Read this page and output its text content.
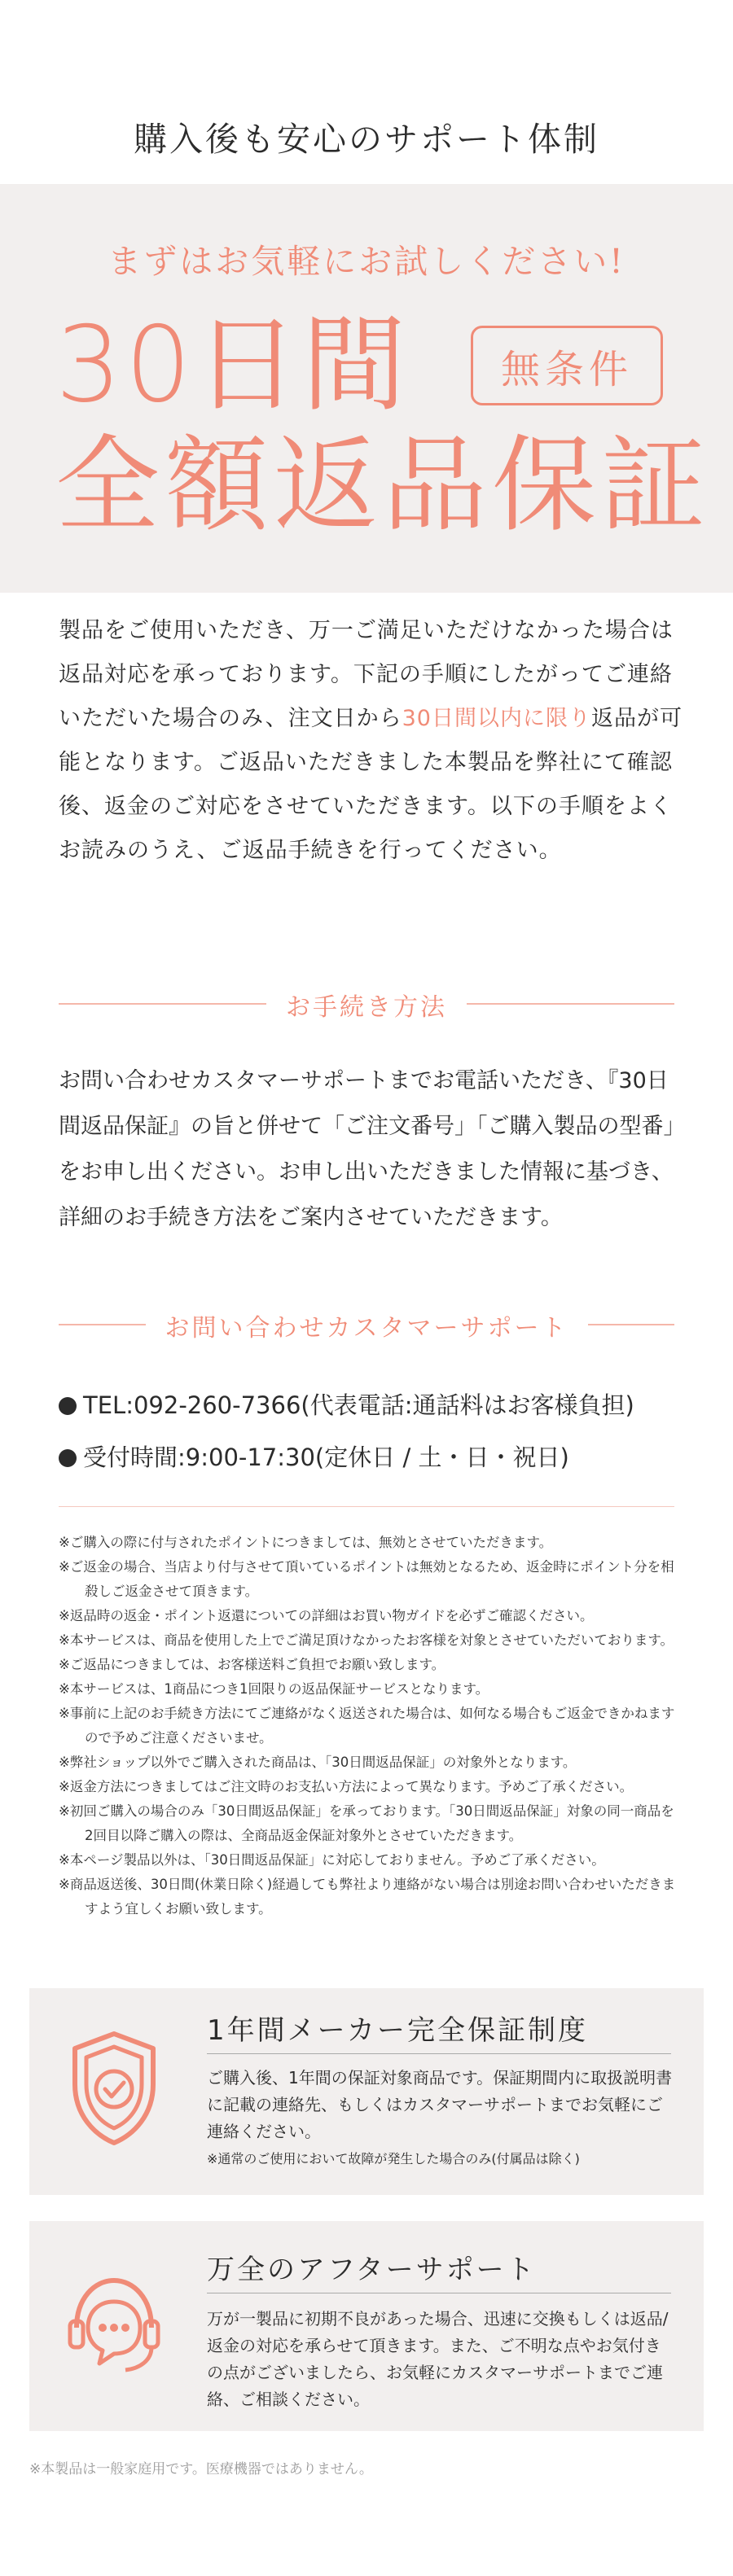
購入後も安心のサポート体制
まずはお気軽にお試しください!
30日間
全額返品保証
無条件
製品をご使用いただき、万一ご満足いただけなかった場合は返品対応を承っております。下記の手順にしたがってご連絡いただいた場合のみ、注文日から30日間以内に限り返品が可能となります。ご返品いただきました本製品を弊社にて確認後、返金のご対応をさせていただきます。以下の手順をよくお読みのうえ、ご返品手続きを行ってください。
お手続き方法
お問い合わせカスタマーサポートまでお電話いただき、『30日間返品保証』の旨と併せて「ご注文番号」「ご購入製品の型番」をお申し出ください。お申し出いただきました情報に基づき、詳細のお手続き方法をご案内させていただきます。
お問い合わせカスタマーサポート
TEL:092-260-7366(代表電話:通話料はお客様負担)
受付時間:9:00-17:30(定休日 / 土・日・祝日)
※ご購入の際に付与されたポイントにつきましては、無効とさせていただきます。
※ご返金の場合、当店より付与させて頂いているポイントは無効となるため、返金時にポイント分を相殺しご返金させて頂きます。
※返品時の返金・ポイント返還についての詳細はお買い物ガイドを必ずご確認ください。
※本サービスは、商品を使用した上でご満足頂けなかったお客様を対象とさせていただいております。
※ご返品につきましては、お客様送料ご負担でお願い致します。
※本サービスは、1商品につき1回限りの返品保証サービスとなります。
※事前に上記のお手続き方法にてご連絡がなく返送された場合は、如何なる場合もご返金できかねますので予めご注意くださいませ。
※弊社ショップ以外でご購入された商品は、「30日間返品保証」の対象外となります。
※返金方法につきましてはご注文時のお支払い方法によって異なります。予めご了承ください。
※初回ご購入の場合のみ「30日間返品保証」を承っております。「30日間返品保証」対象の同一商品を2回目以降ご購入の際は、全商品返金保証対象外とさせていただきます。
※本ページ製品以外は、「30日間返品保証」に対応しておりません。予めご了承ください。
※商品返送後、30日間(休業日除く)経過しても弊社より連絡がない場合は別途お問い合わせいただきますよう宜しくお願い致します。
1年間メーカー完全保証制度
ご購入後、1年間の保証対象商品です。保証期間内に取扱説明書に記載の連絡先、もしくはカスタマーサポートまでお気軽にご連絡ください。
※通常のご使用において故障が発生した場合のみ(付属品は除く)
万全のアフターサポート
万が一製品に初期不良があった場合、迅速に交換もしくは返品/返金の対応を承らせて頂きます。また、ご不明な点やお気付きの点がございましたら、お気軽にカスタマーサポートまでご連絡、ご相談ください。
※本製品は一般家庭用です。医療機器ではありません。
